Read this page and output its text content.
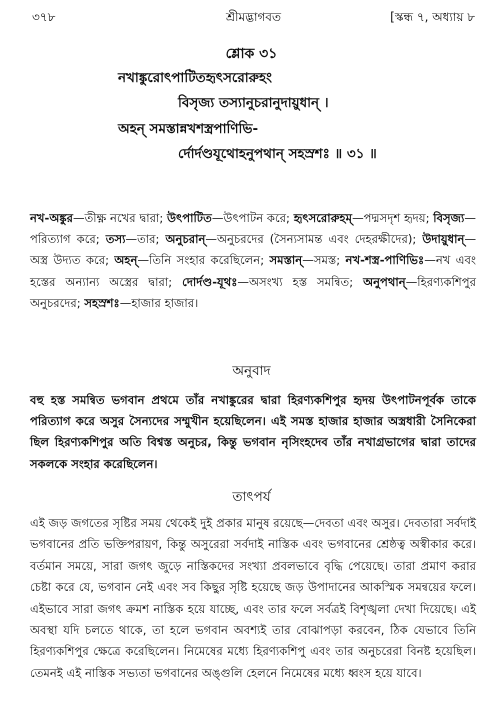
৩৭৮	শ্রীমদ্ভাগবত	[স্কন্ধ ৭, অধ্যায় ৮
শ্লোক ৩১
নখাঙ্কুরোৎপাটিতহৃৎসরোরুহং
বিসৃজ্য তস্যানুচরানুদায়ুধান্ ।
অহন্ সমস্তান্নখশস্ত্রপাণিভি-
র্দোর্দণ্ডযূথোহনুপথান্ সহস্রশঃ ॥ ৩১ ॥
নখ-অঙ্কুর—তীক্ষ্ণ নখের দ্বারা; উৎপাটিত—উৎপাটন করে; হৃৎসরোরুহম্—পদ্মসদৃশ হৃদয়; বিসৃজ্য—পরিত্যাগ করে; তস্য—তার; অনুচরান্—অনুচরদের (সৈন্যসামন্ত এবং দেহরক্ষীদের); উদায়ুধান্—অস্ত্র উদ্যত করে; অহন্—তিনি সংহার করেছিলেন; সমস্তান্—সমস্ত; নখ-শস্ত্র-পাণিভিঃ—নখ এবং হস্তের অন্যান্য অস্ত্রের দ্বারা; দোর্দণ্ড-যূথঃ—অসংখ্য হস্ত সমন্বিত; অনুপথান্—হিরণ্যকশিপুর অনুচরদের; সহস্রশঃ—হাজার হাজার।
অনুবাদ
বহু হস্ত সমন্বিত ভগবান প্রথমে তাঁর নখাঙ্কুরের দ্বারা হিরণ্যকশিপুর হৃদয় উৎপাটনপূর্বক তাকে পরিত্যাগ করে অসুর সৈন্যদের সম্মুখীন হয়েছিলেন। এই সমস্ত হাজার হাজার অস্ত্রধারী সৈনিকেরা ছিল হিরণ্যকশিপুর অতি বিশ্বস্ত অনুচর, কিন্তু ভগবান নৃসিংহদেব তাঁর নখাগ্রভাগের দ্বারা তাদের সকলকে সংহার করেছিলেন।
তাৎপর্য
এই জড় জগতের সৃষ্টির সময় থেকেই দুই প্রকার মানুষ রয়েছে—দেবতা এবং অসুর। দেবতারা সর্বদাই ভগবানের প্রতি ভক্তিপরায়ণ, কিন্তু অসুরেরা সর্বদাই নাস্তিক এবং ভগবানের শ্রেষ্ঠত্ব অস্বীকার করে। বর্তমান সময়ে, সারা জগৎ জুড়ে নাস্তিকদের সংখ্যা প্রবলভাবে বৃদ্ধি পেয়েছে। তারা প্রমাণ করার চেষ্টা করে যে, ভগবান নেই এবং সব কিছুর সৃষ্টি হয়েছে জড় উপাদানের আকস্মিক সমন্বয়ের ফলে। এইভাবে সারা জগৎ ক্রমশ নাস্তিক হয়ে যাচ্ছে, এবং তার ফলে সর্বত্রই বিশৃঙ্খলা দেখা দিয়েছে। এই অবস্থা যদি চলতে থাকে, তা হলে ভগবান অবশ্যই তার বোঝাপড়া করবেন, ঠিক যেভাবে তিনি হিরণ্যকশিপুর ক্ষেত্রে করেছিলেন। নিমেষের মধ্যে হিরণ্যকশিপু এবং তার অনুচরেরা বিনষ্ট হয়েছিল। তেমনই এই নাস্তিক সভ্যতা ভগবানের অঙ্গুলি হেলনে নিমেষের মধ্যে ধ্বংস হয়ে যাবে।
